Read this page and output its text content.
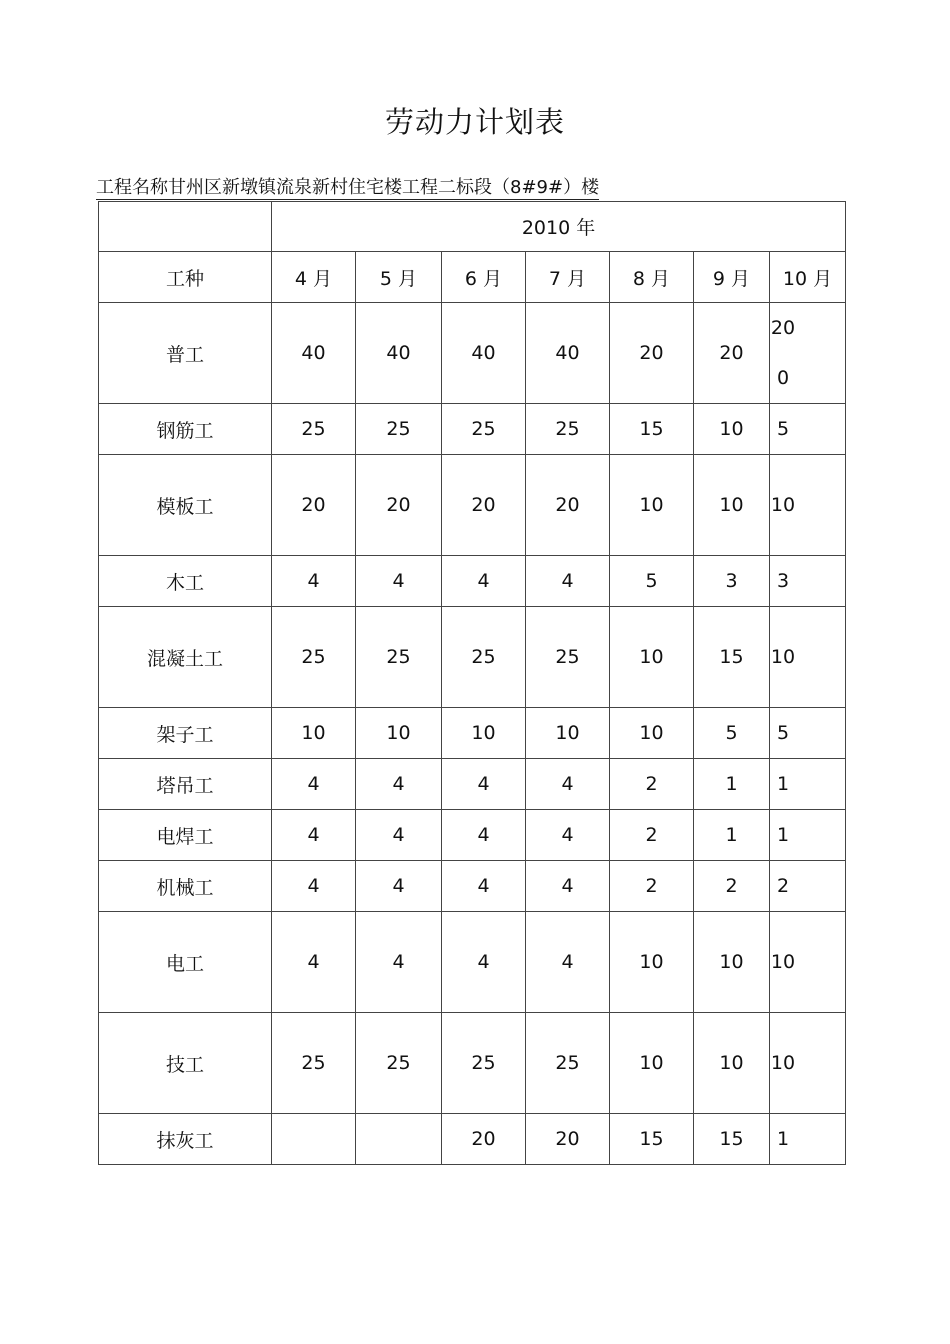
劳动力计划表
工程名称甘州区新墩镇流泉新村住宅楼工程二标段（8#9#）楼
	2010 年						
工种	4 月	5 月	6 月	7 月	8 月	9 月	10 月
普工	40	40	40	40	20	20	200

钢筋工	25	25	25	25	15	10	5

模板工	20	20	20	20	10	10	10

木工	4	4	4	4	5	3	3

混凝土工	25	25	25	25	10	15	10

架子工	10	10	10	10	10	5	5

塔吊工	4	4	4	4	2	1	1

电焊工	4	4	4	4	2	1	1

机械工	4	4	4	4	2	2	2

电工	4	4	4	4	10	10	10

技工	25	25	25	25	10	10	10

抹灰工			20	20	15	15	1
